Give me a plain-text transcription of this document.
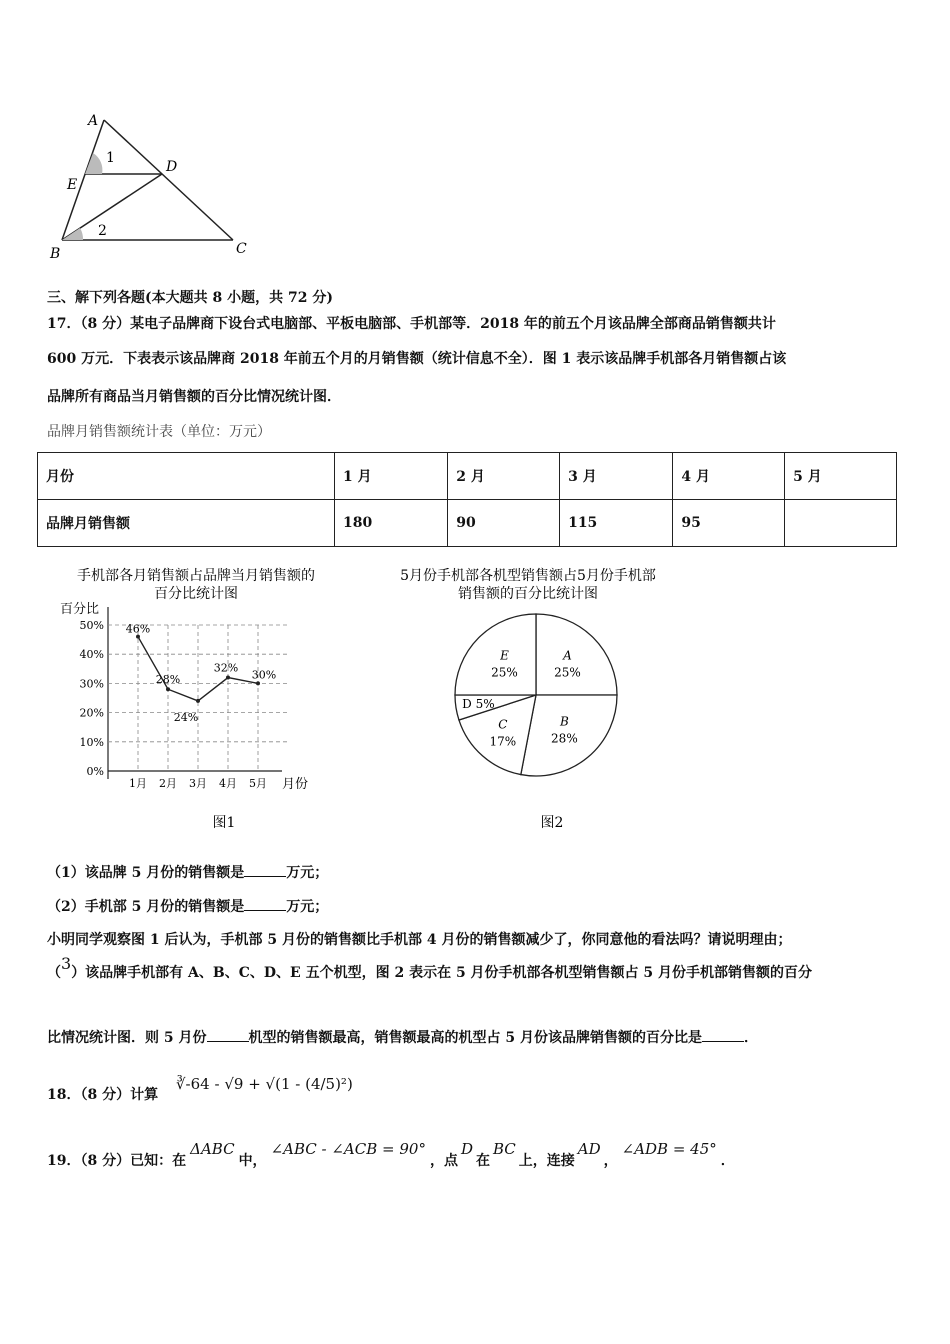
A
D
E
B	C
1
2
三、解下列各题(本大题共 8 小题，共 72 分)
17．（8 分）某电子品牌商下设台式电脑部、平板电脑部、手机部等．2018 年的前五个月该品牌全部商品销售额共计
600 万元．下表表示该品牌商 2018 年前五个月的月销售额（统计信息不全）．图 1 表示该品牌手机部各月销售额占该
品牌所有商品当月销售额的百分比情况统计图．
品牌月销售额统计表（单位：万元）
月份	1 月	2 月	3 月	4 月	5 月
品牌月销售额	180	90	115	95	
手机部各月销售额占品牌当月销售额的
百分比统计图
百分比
月份
图1
0%
10%
20%
30%
40%
50%
1月 2月 3月 4月 5月
46%
28%
24%
32%
30%
5月份手机部各机型销售额占5月份手机部
销售额的百分比统计图
图2
A
25%
B
28%
C
17%
D 5%
E
25%
（1）该品牌 5 月份的销售额是	万元；
（2）手机部 5 月份的销售额是	万元；
小明同学观察图 1 后认为，手机部 5 月份的销售额比手机部 4 月份的销售额减少了，你同意他的看法吗？请说明理由；
（3）该品牌手机部有 A、B、C、D、E 五个机型，图 2 表示在 5 月份手机部各机型销售额占 5 月份手机部销售额的百分
比情况统计图．则 5 月份	机型的销售额最高，销售额最高的机型占 5 月份该品牌销售额的百分比是	．
18．（8 分）计算
∛-64 - √9 + √(1 - (4/5)²)
19．（8 分）已知：在
ΔABC
中，
∠ABC - ∠ACB = 90°
，点
D
在
BC
上，连接
AD
，
∠ADB = 45°
．
